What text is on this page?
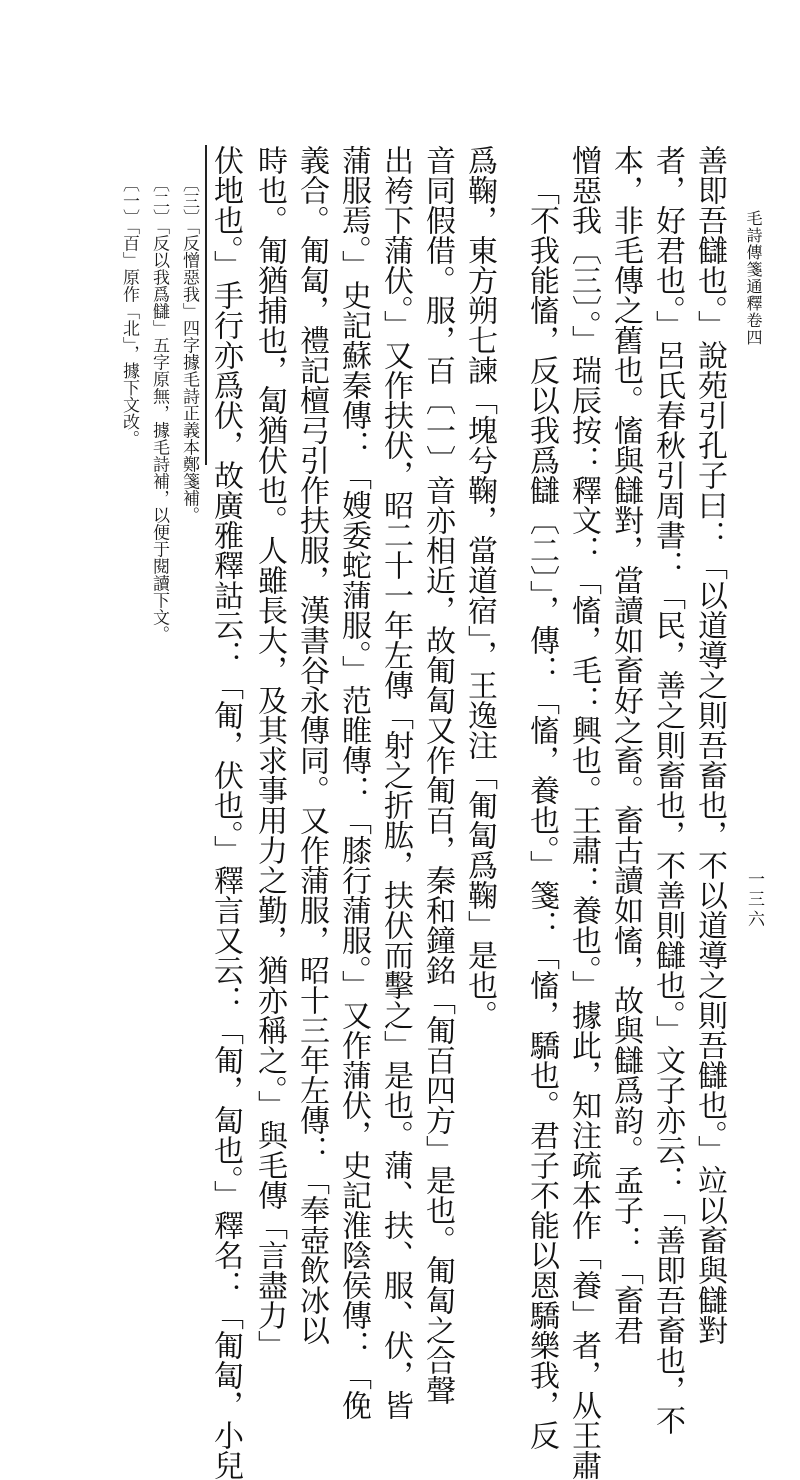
毛詩傳箋通釋卷四
一三六
伏地也。」手行亦爲伏，故廣雅釋詁云：「匍，伏也。」釋言又云：「匍，匐也。」釋名：「匍匐，小兒 時也。匍猶捕也，匐猶伏也。人雖長大，及其求事用力之勤，猶亦稱之。」與毛傳「言盡力」 義合。匍匐，禮記檀弓引作扶服，漢書谷永傳同。又作蒲服，昭十三年左傳：「奉壺飲冰以 蒲服焉。」史記蘇秦傳：「嫂委蛇蒲服。」范睢傳：「膝行蒲服。」又作蒲伏，史記淮陰侯傳：「俛 出袴下蒲伏。」又作扶伏，昭二十一年左傳「射之折肱，扶伏而擊之」是也。蒲、扶、服、伏，皆 音同假借。服，百〔一〕音亦相近，故匍匐又作匍百，秦和鐘銘「匍百四方」是也。匍匐之合聲 爲鞠，東方朔七諫「塊兮鞠，當道宿」，王逸注「匍匐爲鞠」是也。 「不我能慉，反以我爲讎〔二〕」，傳：「慉，養也。」箋：「慉，驕也。君子不能以恩驕樂我，反 憎惡我〔三〕。」瑞辰按：釋文：「慉，毛：興也。王肅：養也。」據此，知注疏本作「養」者，从王肅 本，非毛傳之舊也。慉與讎對，當讀如畜好之畜。畜古讀如慉，故與讎爲韵。孟子：「畜君 者，好君也。」呂氏春秋引周書：「民，善之則畜也，不善則讎也。」文子亦云：「善即吾畜也，不 善即吾讎也。」說苑引孔子曰：「以道導之則吾畜也，不以道導之則吾讎也。」竝以畜與讎對
〔一〕「百」原作「北」，據下文改。 〔二〕「反以我爲讎」五字原無，據毛詩補，以便于閱讀下文。 〔三〕「反憎惡我」四字據毛詩正義本鄭箋補。
